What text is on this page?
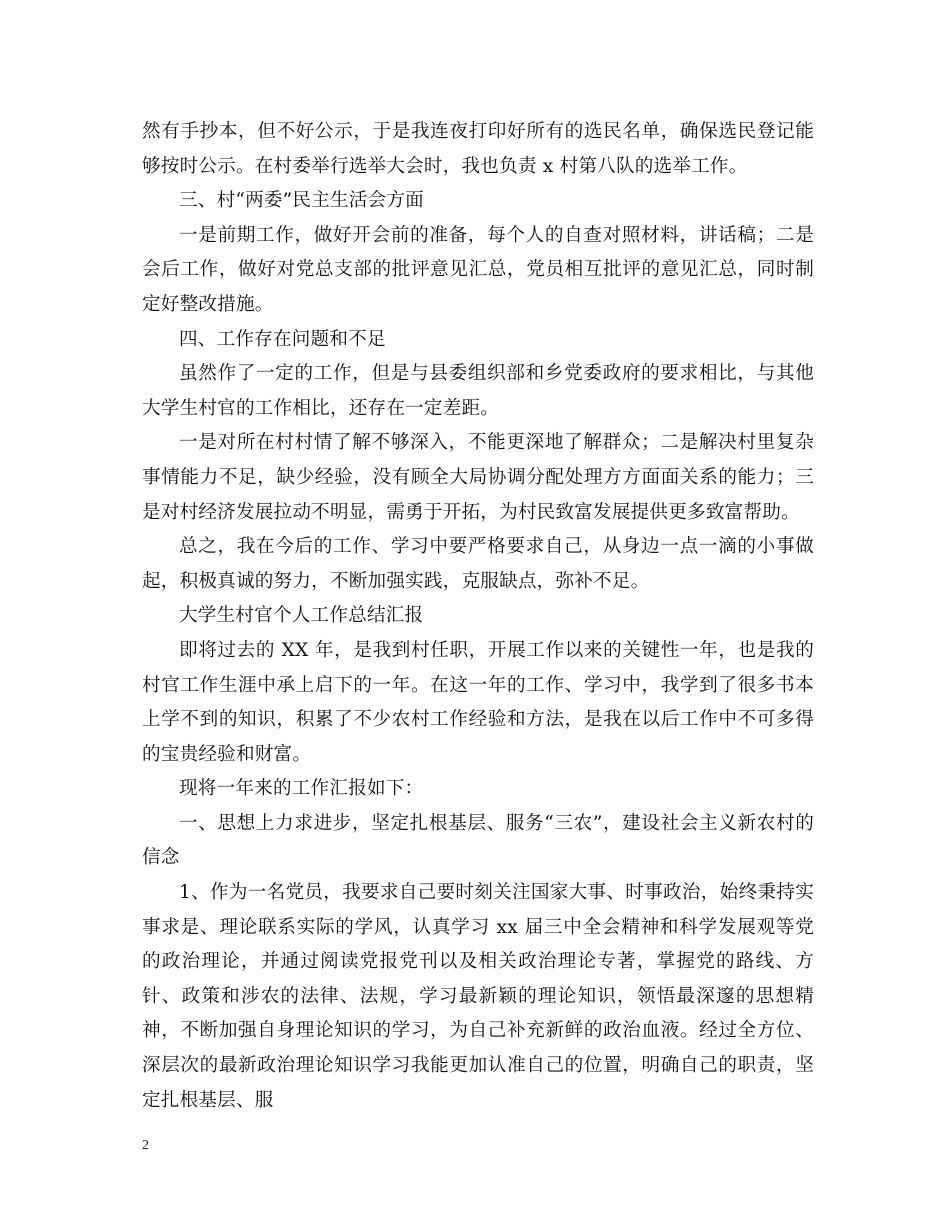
然有手抄本，但不好公示，于是我连夜打印好所有的选民名单，确保选民登记能够按时公示。在村委举行选举大会时，我也负责 x 村第八队的选举工作。

三、村“两委”民主生活会方面

一是前期工作，做好开会前的准备，每个人的自查对照材料，讲话稿；二是会后工作，做好对党总支部的批评意见汇总，党员相互批评的意见汇总，同时制定好整改措施。

四、工作存在问题和不足

虽然作了一定的工作，但是与县委组织部和乡党委政府的要求相比，与其他大学生村官的工作相比，还存在一定差距。

一是对所在村村情了解不够深入，不能更深地了解群众；二是解决村里复杂事情能力不足，缺少经验，没有顾全大局协调分配处理方方面面关系的能力；三是对村经济发展拉动不明显，需勇于开拓，为村民致富发展提供更多致富帮助。

总之，我在今后的工作、学习中要严格要求自己，从身边一点一滴的小事做起，积极真诚的努力，不断加强实践，克服缺点，弥补不足。

大学生村官个人工作总结汇报

即将过去的 XX 年，是我到村任职，开展工作以来的关键性一年，也是我的村官工作生涯中承上启下的一年。在这一年的工作、学习中，我学到了很多书本上学不到的知识，积累了不少农村工作经验和方法，是我在以后工作中不可多得的宝贵经验和财富。

现将一年来的工作汇报如下：

一、思想上力求进步，坚定扎根基层、服务“三农”，建设社会主义新农村的信念

1、作为一名党员，我要求自己要时刻关注国家大事、时事政治，始终秉持实事求是、理论联系实际的学风，认真学习 xx 届三中全会精神和科学发展观等党的政治理论，并通过阅读党报党刊以及相关政治理论专著，掌握党的路线、方针、政策和涉农的法律、法规，学习最新颖的理论知识，领悟最深邃的思想精神，不断加强自身理论知识的学习，为自己补充新鲜的政治血液。经过全方位、深层次的最新政治理论知识学习我能更加认准自己的位置，明确自己的职责，坚定扎根基层、服

2
